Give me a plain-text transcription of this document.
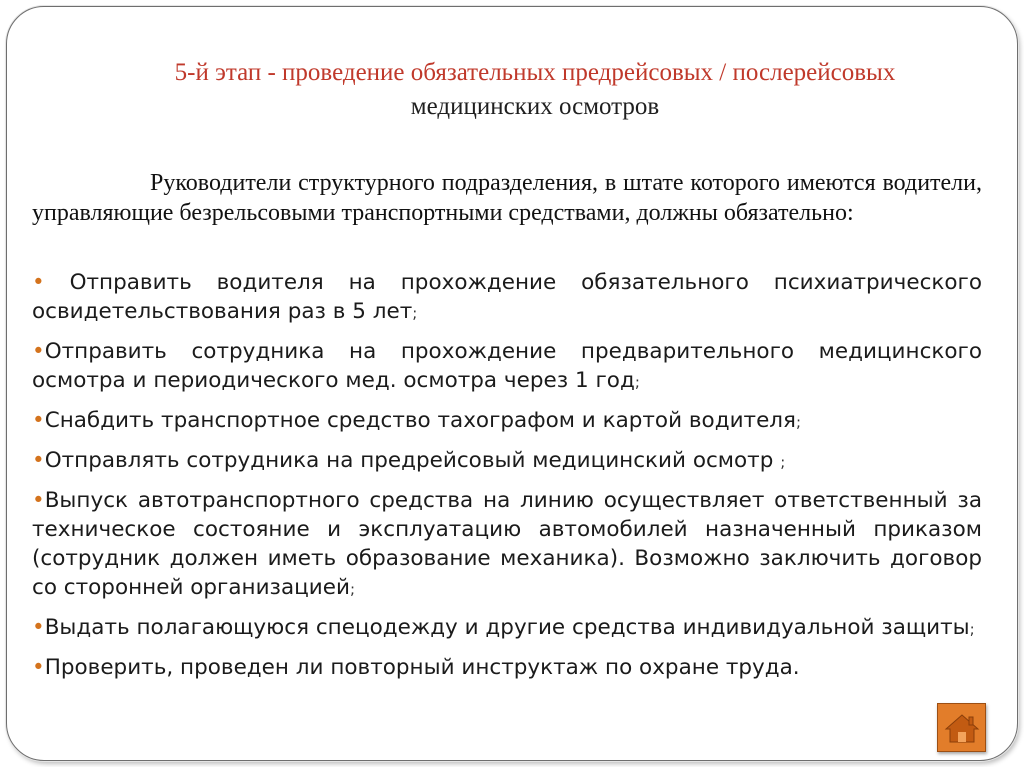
5-й этап - проведение обязательных предрейсовых / послерейсовых
медицинских осмотров
Руководители структурного подразделения, в штате которого имеются водители, управляющие безрельсовыми транспортными средствами, должны обязательно:
• Отправить водителя на прохождение обязательного психиатрического освидетельствования раз в 5 лет;
•Отправить сотрудника на прохождение предварительного медицинского осмотра и периодического мед. осмотра через 1 год;
•Снабдить транспортное средство тахографом и картой водителя;
•Отправлять сотрудника на предрейсовый медицинский осмотр ;
•Выпуск автотранспортного средства на линию осуществляет ответственный за техническое состояние и эксплуатацию автомобилей назначенный приказом (сотрудник должен иметь образование механика). Возможно заключить договор со сторонней организацией;
•Выдать полагающуюся спецодежду и другие средства индивидуальной защиты;
•Проверить, проведен ли повторный инструктаж по охране труда.
